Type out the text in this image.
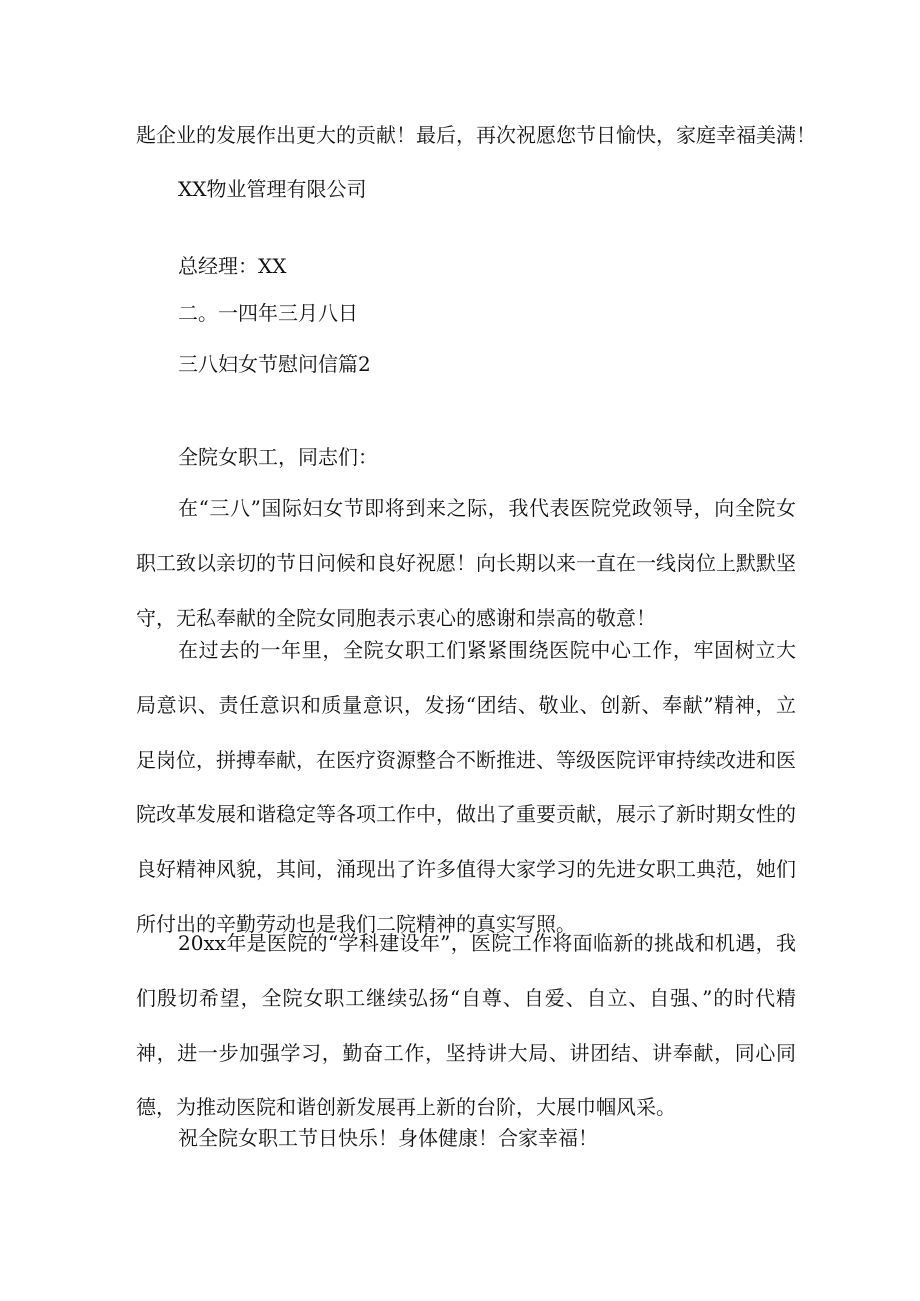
匙企业的发展作出更大的贡献！最后，再次祝愿您节日愉快，家庭幸福美满！

XX物业管理有限公司

总经理：XX

二。一四年三月八日

三八妇女节慰问信篇2

全院女职工，同志们：

在“三八”国际妇女节即将到来之际，我代表医院党政领导，向全院女职工致以亲切的节日问候和良好祝愿！向长期以来一直在一线岗位上默默坚守，无私奉献的全院女同胞表示衷心的感谢和崇高的敬意！

在过去的一年里，全院女职工们紧紧围绕医院中心工作，牢固树立大局意识、责任意识和质量意识，发扬“团结、敬业、创新、奉献”精神，立足岗位，拼搏奉献，在医疗资源整合不断推进、等级医院评审持续改进和医院改革发展和谐稳定等各项工作中，做出了重要贡献，展示了新时期女性的良好精神风貌，其间，涌现出了许多值得大家学习的先进女职工典范，她们所付出的辛勤劳动也是我们二院精神的真实写照。

20xx年是医院的“学科建设年”，医院工作将面临新的挑战和机遇，我们殷切希望，全院女职工继续弘扬“自尊、自爱、自立、自强、”的时代精神，进一步加强学习，勤奋工作，坚持讲大局、讲团结、讲奉献，同心同德，为推动医院和谐创新发展再上新的台阶，大展巾帼风采。

祝全院女职工节日快乐！身体健康！合家幸福！
